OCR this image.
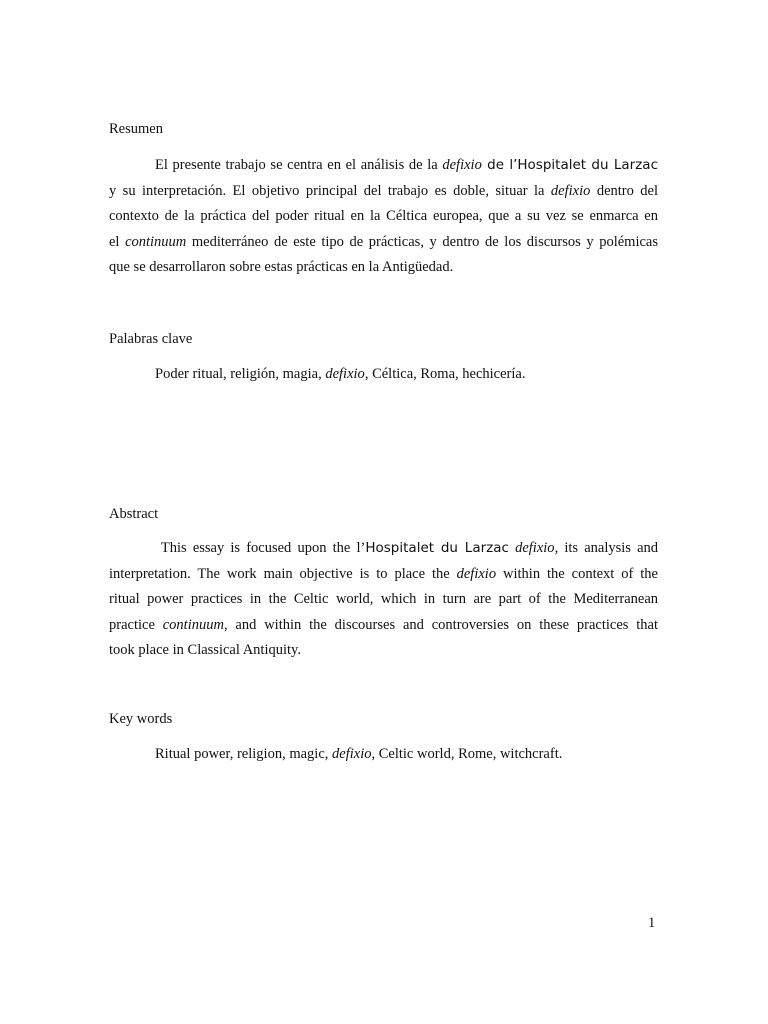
Resumen
El presente trabajo se centra en el análisis de la defixio de l’Hospitalet du Larzac
y su interpretación. El objetivo principal del trabajo es doble, situar la defixio dentro del
contexto de la práctica del poder ritual en la Céltica europea, que a su vez se enmarca en
el continuum mediterráneo de este tipo de prácticas, y dentro de los discursos y polémicas
que se desarrollaron sobre estas prácticas en la Antigüedad.
Palabras clave

Poder ritual, religión, magia, defixio, Céltica, Roma, hechicería.

Abstract
This essay is focused upon the l’Hospitalet du Larzac defixio, its analysis and
interpretation. The work main objective is to place the defixio within the context of the
ritual power practices in the Celtic world, which in turn are part of the Mediterranean
practice continuum, and within the discourses and controversies on these practices that
took place in Classical Antiquity.
Key words

Ritual power, religion, magic, defixio, Celtic world, Rome, witchcraft.

1
